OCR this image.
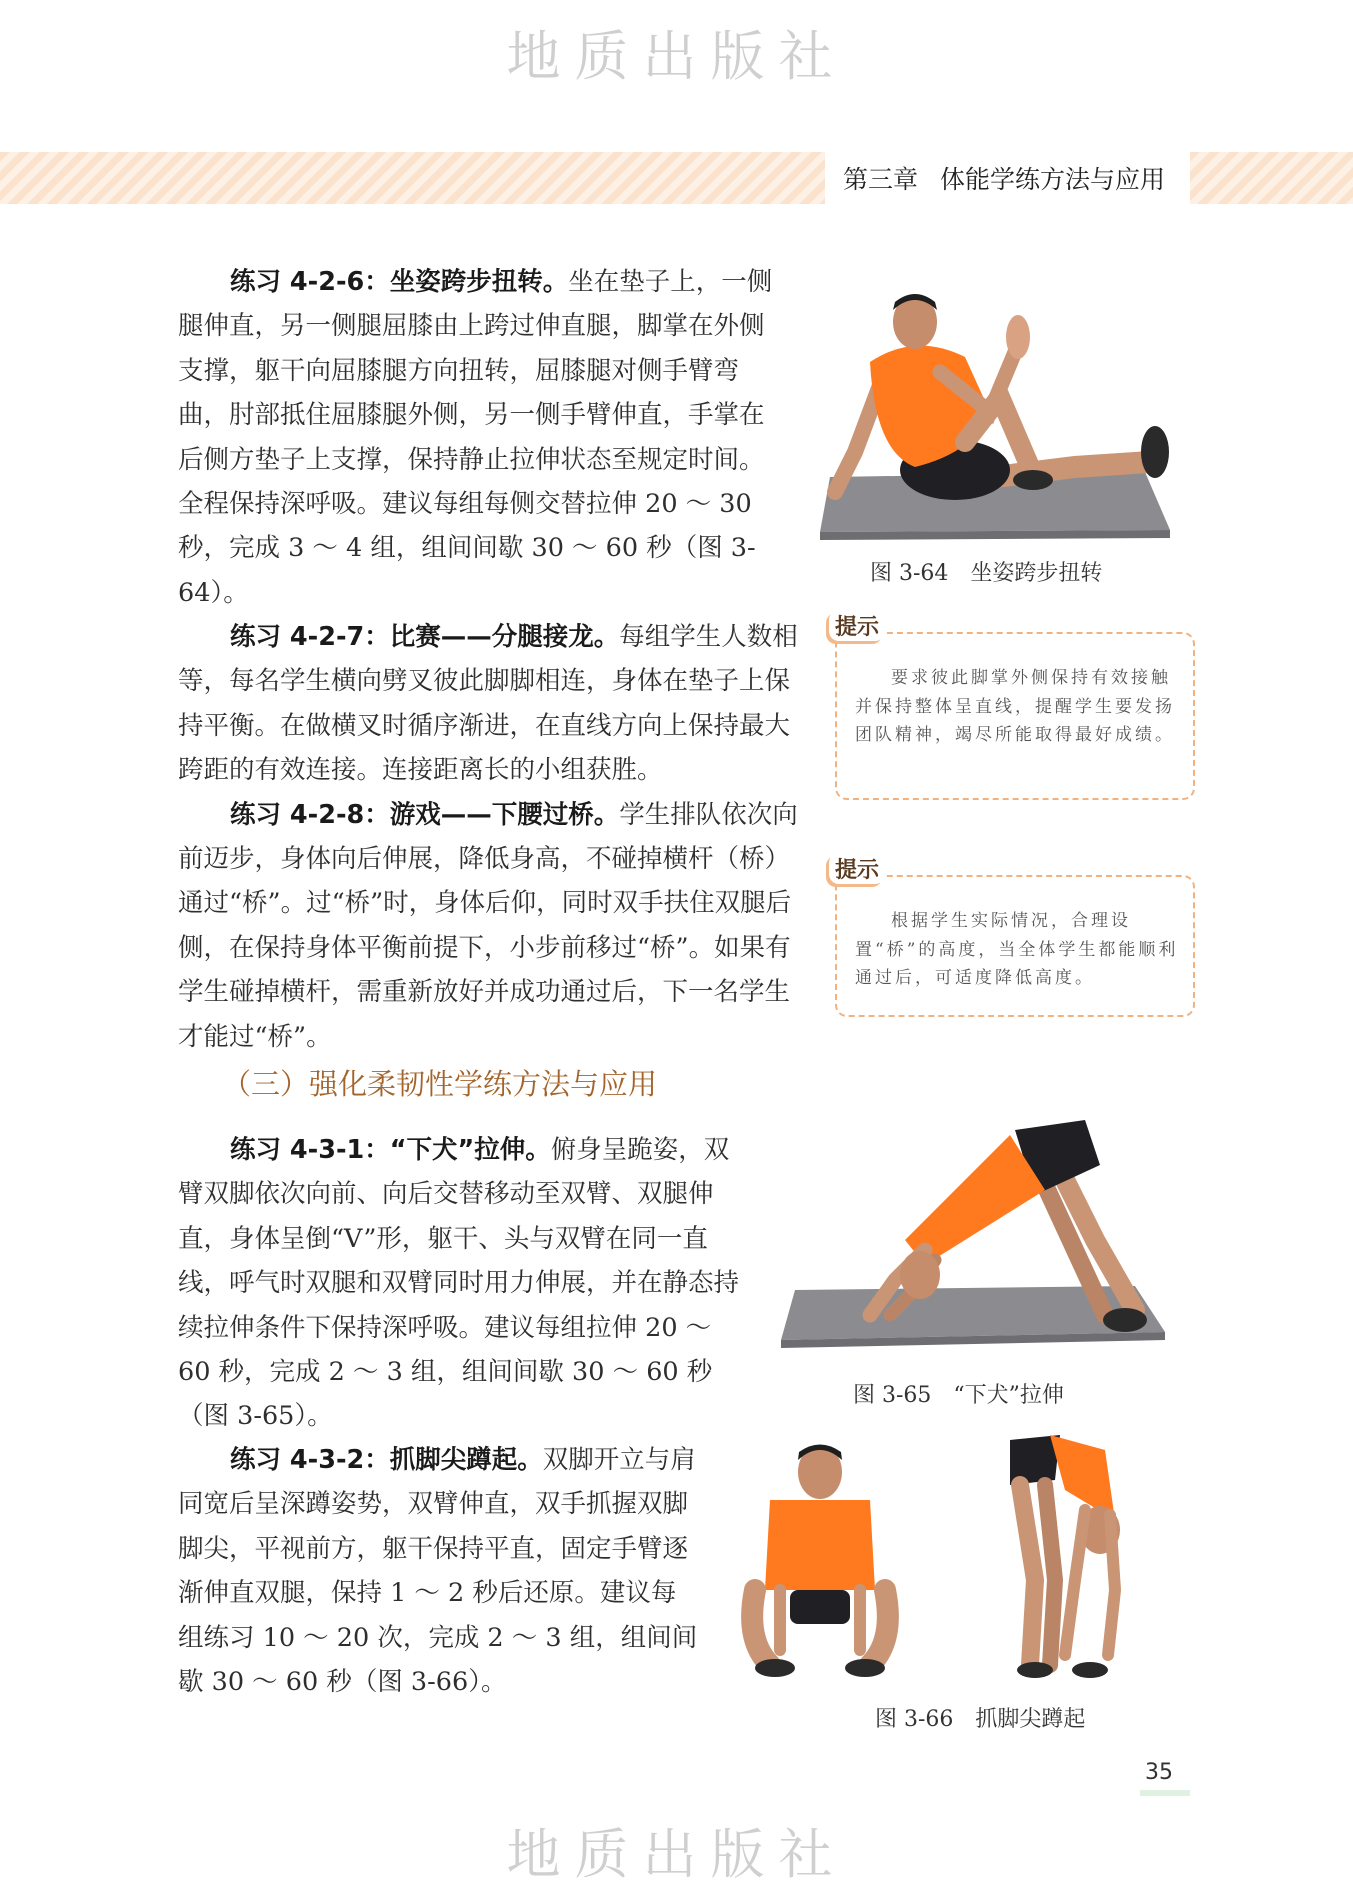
地质出版社
第三章 体能学练方法与应用

练习 4-2-6：坐姿跨步扭转。坐在垫子上，一侧腿伸直，另一侧腿屈膝由上跨过伸直腿，脚掌在外侧支撑，躯干向屈膝腿方向扭转，屈膝腿对侧手臂弯曲，肘部抵住屈膝腿外侧，另一侧手臂伸直，手掌在后侧方垫子上支撑，保持静止拉伸状态至规定时间。全程保持深呼吸。建议每组每侧交替拉伸 20 ～ 30 秒，完成 3 ～ 4 组，组间间歇 30 ～ 60 秒（图 3-64）。

练习 4-2-7：比赛——分腿接龙。每组学生人数相等，每名学生横向劈叉彼此脚脚相连，身体在垫子上保持平衡。在做横叉时循序渐进，在直线方向上保持最大跨距的有效连接。连接距离长的小组获胜。

练习 4-2-8：游戏——下腰过桥。学生排队依次向前迈步，身体向后伸展，降低身高，不碰掉横杆（桥）通过“桥”。过“桥”时，身体后仰，同时双手扶住双腿后侧，在保持身体平衡前提下，小步前移过“桥”。如果有学生碰掉横杆，需重新放好并成功通过后，下一名学生才能过“桥”。

（三）强化柔韧性学练方法与应用

练习 4-3-1：“下犬”拉伸。俯身呈跪姿，双臂双脚依次向前、向后交替移动至双臂、双腿伸直，身体呈倒“V”形，躯干、头与双臂在同一直线，呼气时双腿和双臂同时用力伸展，并在静态持续拉伸条件下保持深呼吸。建议每组拉伸 20 ～ 60 秒，完成 2 ～ 3 组，组间间歇 30 ～ 60 秒（图 3-65）。

练习 4-3-2：抓脚尖蹲起。双脚开立与肩同宽后呈深蹲姿势，双臂伸直，双手抓握双脚脚尖，平视前方，躯干保持平直，固定手臂逐渐伸直双腿，保持 1 ～ 2 秒后还原。建议每组练习 10 ～ 20 次，完成 2 ～ 3 组，组间间歇 30 ～ 60 秒（图 3-66）。

图 3-64　坐姿跨步扭转
提示
要求彼此脚掌外侧保持有效接触并保持整体呈直线，提醒学生要发扬团队精神，竭尽所能取得最好成绩。
提示
根据学生实际情况，合理设置“桥”的高度，当全体学生都能顺利通过后，可适度降低高度。
图 3-65　“下犬”拉伸
图 3-66　抓脚尖蹲起
35
地质出版社
